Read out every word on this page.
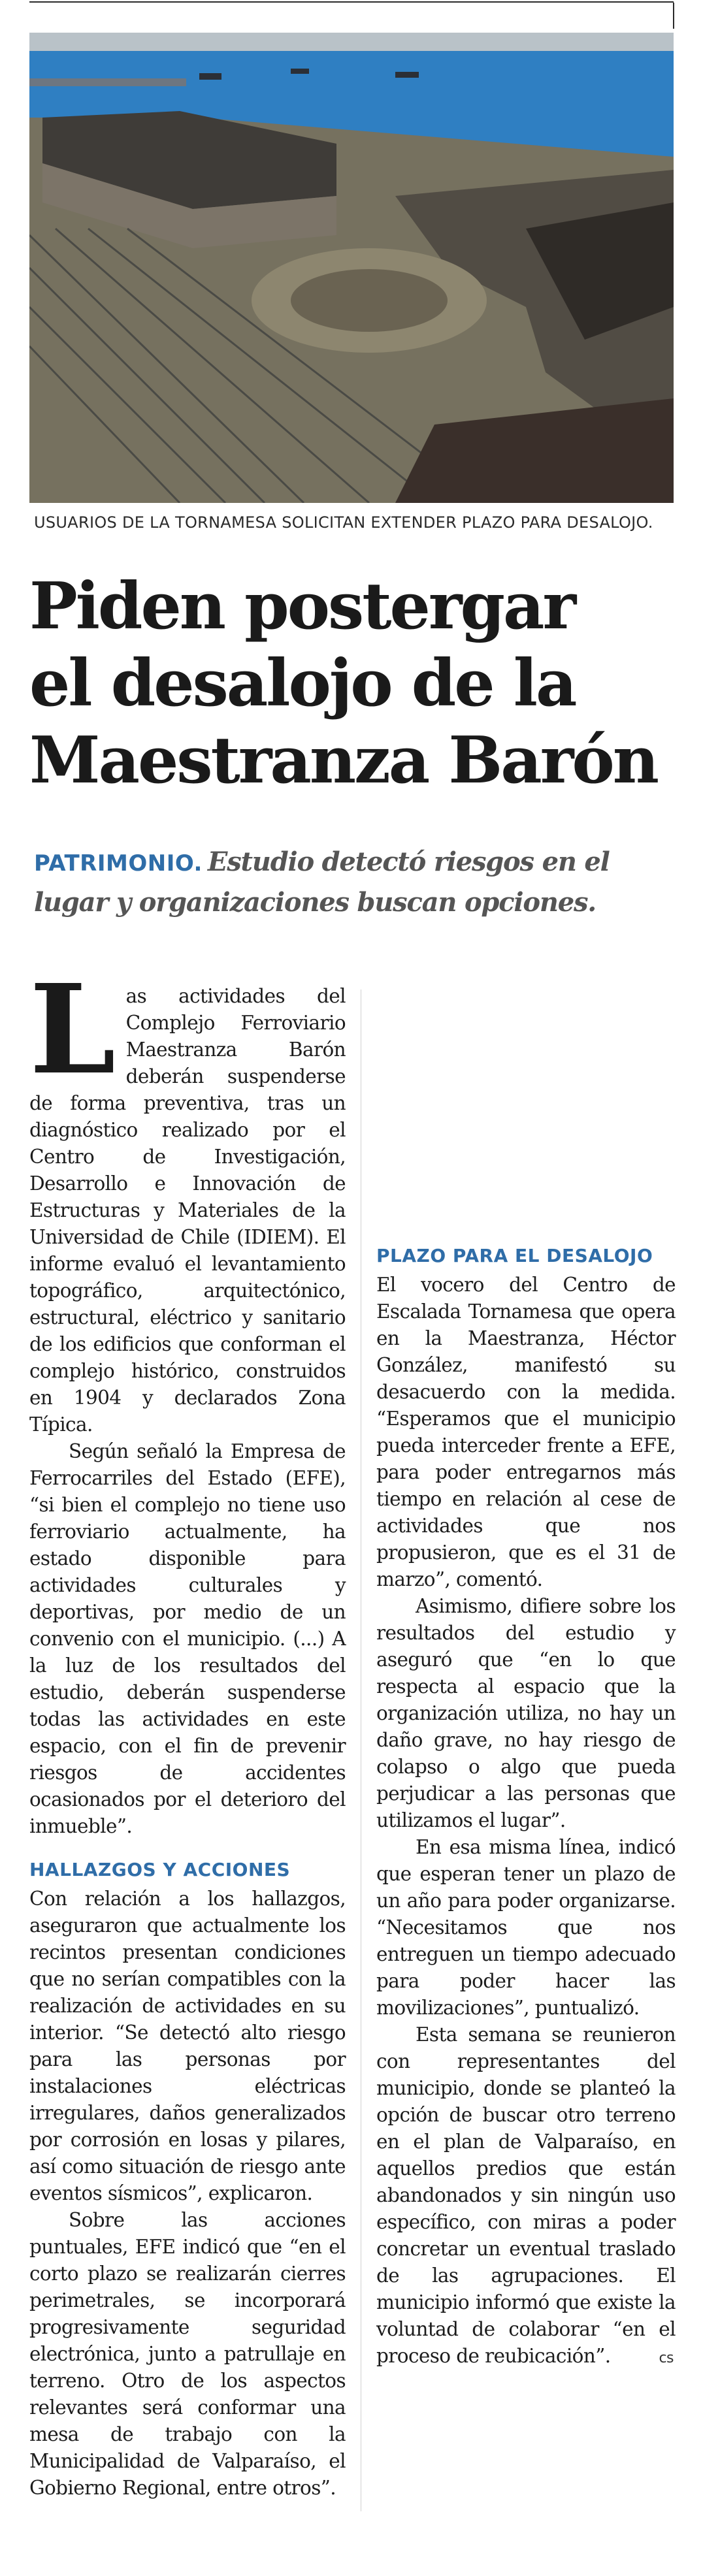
USUARIOS DE LA TORNAMESA SOLICITAN EXTENDER PLAZO PARA DESALOJO.
Piden postergar
el desalojo de la
Maestranza Barón

PATRIMONIO. Estudio detectó riesgos en el lugar y organizaciones buscan opciones.

Las actividades del Complejo Ferroviario Maestranza Barón deberán suspenderse de forma preventiva, tras un diagnóstico realizado por el Centro de Investigación, Desarrollo e Innovación de Estructuras y Materiales de la Universidad de Chile (IDIEM). El informe evaluó el levantamiento topográfico, arquitectónico, estructural, eléctrico y sanitario de los edificios que conforman el complejo histórico, construidos en 1904 y declarados Zona Típica.

Según señaló la Empresa de Ferrocarriles del Estado (EFE), “si bien el complejo no tiene uso ferroviario actualmente, ha estado disponible para actividades culturales y deportivas, por medio de un convenio con el municipio. (...) A la luz de los resultados del estudio, deberán suspenderse todas las actividades en este espacio, con el fin de prevenir riesgos de accidentes ocasionados por el deterioro del inmueble”.

HALLAZGOS Y ACCIONES

Con relación a los hallazgos, aseguraron que actualmente los recintos presentan condiciones que no serían compatibles con la realización de actividades en su interior. “Se detectó alto riesgo para las personas por instalaciones eléctricas irregulares, daños generalizados por corrosión en losas y pilares, así como situación de riesgo ante eventos sísmicos”, explicaron.

Sobre las acciones puntuales, EFE indicó que “en el corto plazo se realizarán cierres perimetrales, se incorporará progresivamente seguridad electrónica, junto a patrullaje en terreno. Otro de los aspectos relevantes será conformar una mesa de trabajo con la Municipalidad de Valparaíso, el Gobierno Regional, entre otros”.

PLAZO PARA EL DESALOJO

El vocero del Centro de Escalada Tornamesa que opera en la Maestranza, Héctor González, manifestó su desacuerdo con la medida. “Esperamos que el municipio pueda interceder frente a EFE, para poder entregarnos más tiempo en relación al cese de actividades que nos propusieron, que es el 31 de marzo”, comentó.

Asimismo, difiere sobre los resultados del estudio y aseguró que “en lo que respecta al espacio que la organización utiliza, no hay un daño grave, no hay riesgo de colapso o algo que pueda perjudicar a las personas que utilizamos el lugar”.

En esa misma línea, indicó que esperan tener un plazo de un año para poder organizarse. “Necesitamos que nos entreguen un tiempo adecuado para poder hacer las movilizaciones”, puntualizó.

Esta semana se reunieron con representantes del municipio, donde se planteó la opción de buscar otro terreno en el plan de Valparaíso, en aquellos predios que están abandonados y sin ningún uso específico, con miras a poder concretar un eventual traslado de las agrupaciones. El municipio informó que existe la voluntad de colaborar “en el proceso de reubicación”.	cs
